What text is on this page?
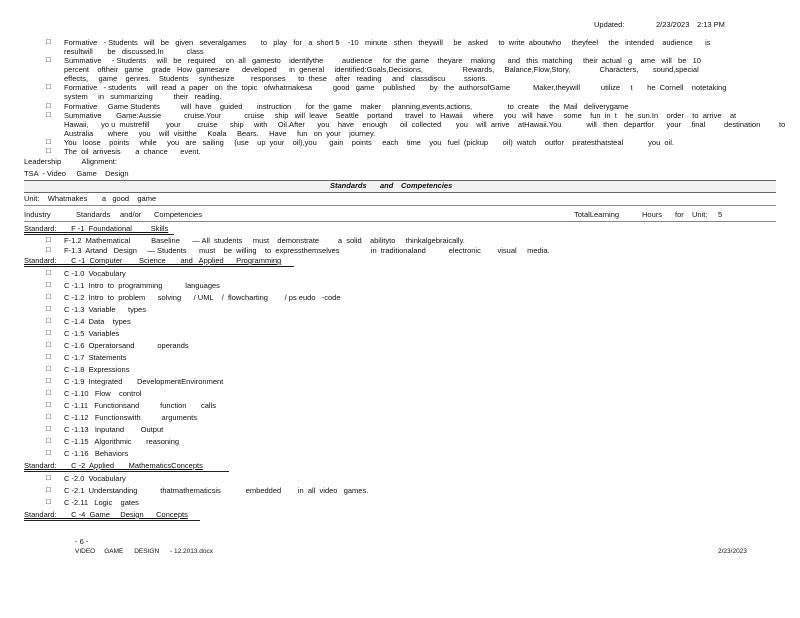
Updated:	2/23/2023 2:13 PM
□ Formative   - Students   will   be   given   severalgames       to   play   for   a  short 5    -10   minute   sthen   theywill     be   asked     to  write  aboutwho     theyfeel     the   intended    audience      is
resultwill       be   discussed.In           class
□ Summative     - Students     will   be   required     on  all   gamesto    identifythe         audience     for  the  game    theyare    making      and   this  matching     their  actual   g    ame   will   be   10
percent    oftheir   game    grade   How  gamesare      developed      in  general     identified:Goals,Decisions,                   Rewards,     Balance,Flow,Story,              Characters,       sound,special
effects,     game    genres.    Students     synthesize        responses      to  these    after   reading     and   classdiscu         ssions.
□ Formative   - students     will  read  a  paper   on  the  topic   ofwhatmakesa          good   game    published       by   the  authorsofGame           Maker,theywill          utilize     t       he  Cornell    notetaking
system     in   summarizing          their   reading.
□ Formative     Game Students          will  have    guided       instruction       for  the  game    maker     planning,events,actions,                 to  create     the  Mail   deliverygame
□ Summative       Game:Aussie           cruise.Your           cruise     ship   will  leave    Seattle    portand      travel   to  Hawaii     where     you   will  have     some    fun  in  t    he  sun.In    order    to  arrive    at
Hawaii,      yo u  mustrefill        your        cruise      ship     with     Oil.After      you    have    enough      oil  collected       you    will  arrive    atHawaii.You            will   then   departfor      your     final         destination         to
Australia       where     you    will  visitthe     Koala     Bears.     Have     fun   on  your    journey.
□ You   loose    points     while     you   are   sailing     (use    up  your    oil),you      gain    points     each    time    you   fuel  (pickup       oil)  watch    outfor    piratesthatsteal            you  oil.
□ The  oil  arrivesis       a  chance      event.
Leadership          Alignment:
TSA  - Video     Game    Design
Standards and Competencies
Unit:    Whatmakes       a   good    game
Industry	Standards and/or Competencies	TotalLearning	Hours for Unit: 5
Standard:       F -1  Foundational         Skills
□ F-1.2  Mathematical          Baseline      — All  students     must    demonstrate         a  solid    abilityto     thinkalgebraically.
□ F-1.3  Artand   Design     — Students      must    be  willing    to  expressthemselves               in  traditionaland           electronic        visual     media.
Standard:       C -1  Computer        Science       and   Applied      Programming
□ C -1.0  Vocabulary
□ C -1.1  Intro  to  programming           languages
□ C -1.2  Intro  to  problem      solving      / UML    /  flowcharting        / ps eudo   -code
□ C -1.3  Variable      types
□ C -1.4  Data    types
□ C -1.5  Variables
□ C -1.6  Operatorsand           operands
□ C -1.7  Statements
□ C -1.8  Expressions
□ C -1.9  Integrated       DevelopmentEnvironment
□ C -1.10   Flow    control
□ C -1.11   Functionsand          function       calls
□ C -1.12   Functionswith          arguments
□ C -1.13   Inputand        Output
□ C -1.15   Algorithmic       reasoning
□ C -1.16   Behaviors
Standard:       C -2  Applied       MathematicsConcepts
□ C -2.0  Vocabulary
□ C -2.1  Understanding           thatmathematicsis            embedded        in  all  video   games.
□ C -2.11   Logic    gates
Standard:       C -4  Game     Design      Concepts
- 6 -
VIDEO     GAME      DESIGN      - 12.2013.docx	2/23/2023
